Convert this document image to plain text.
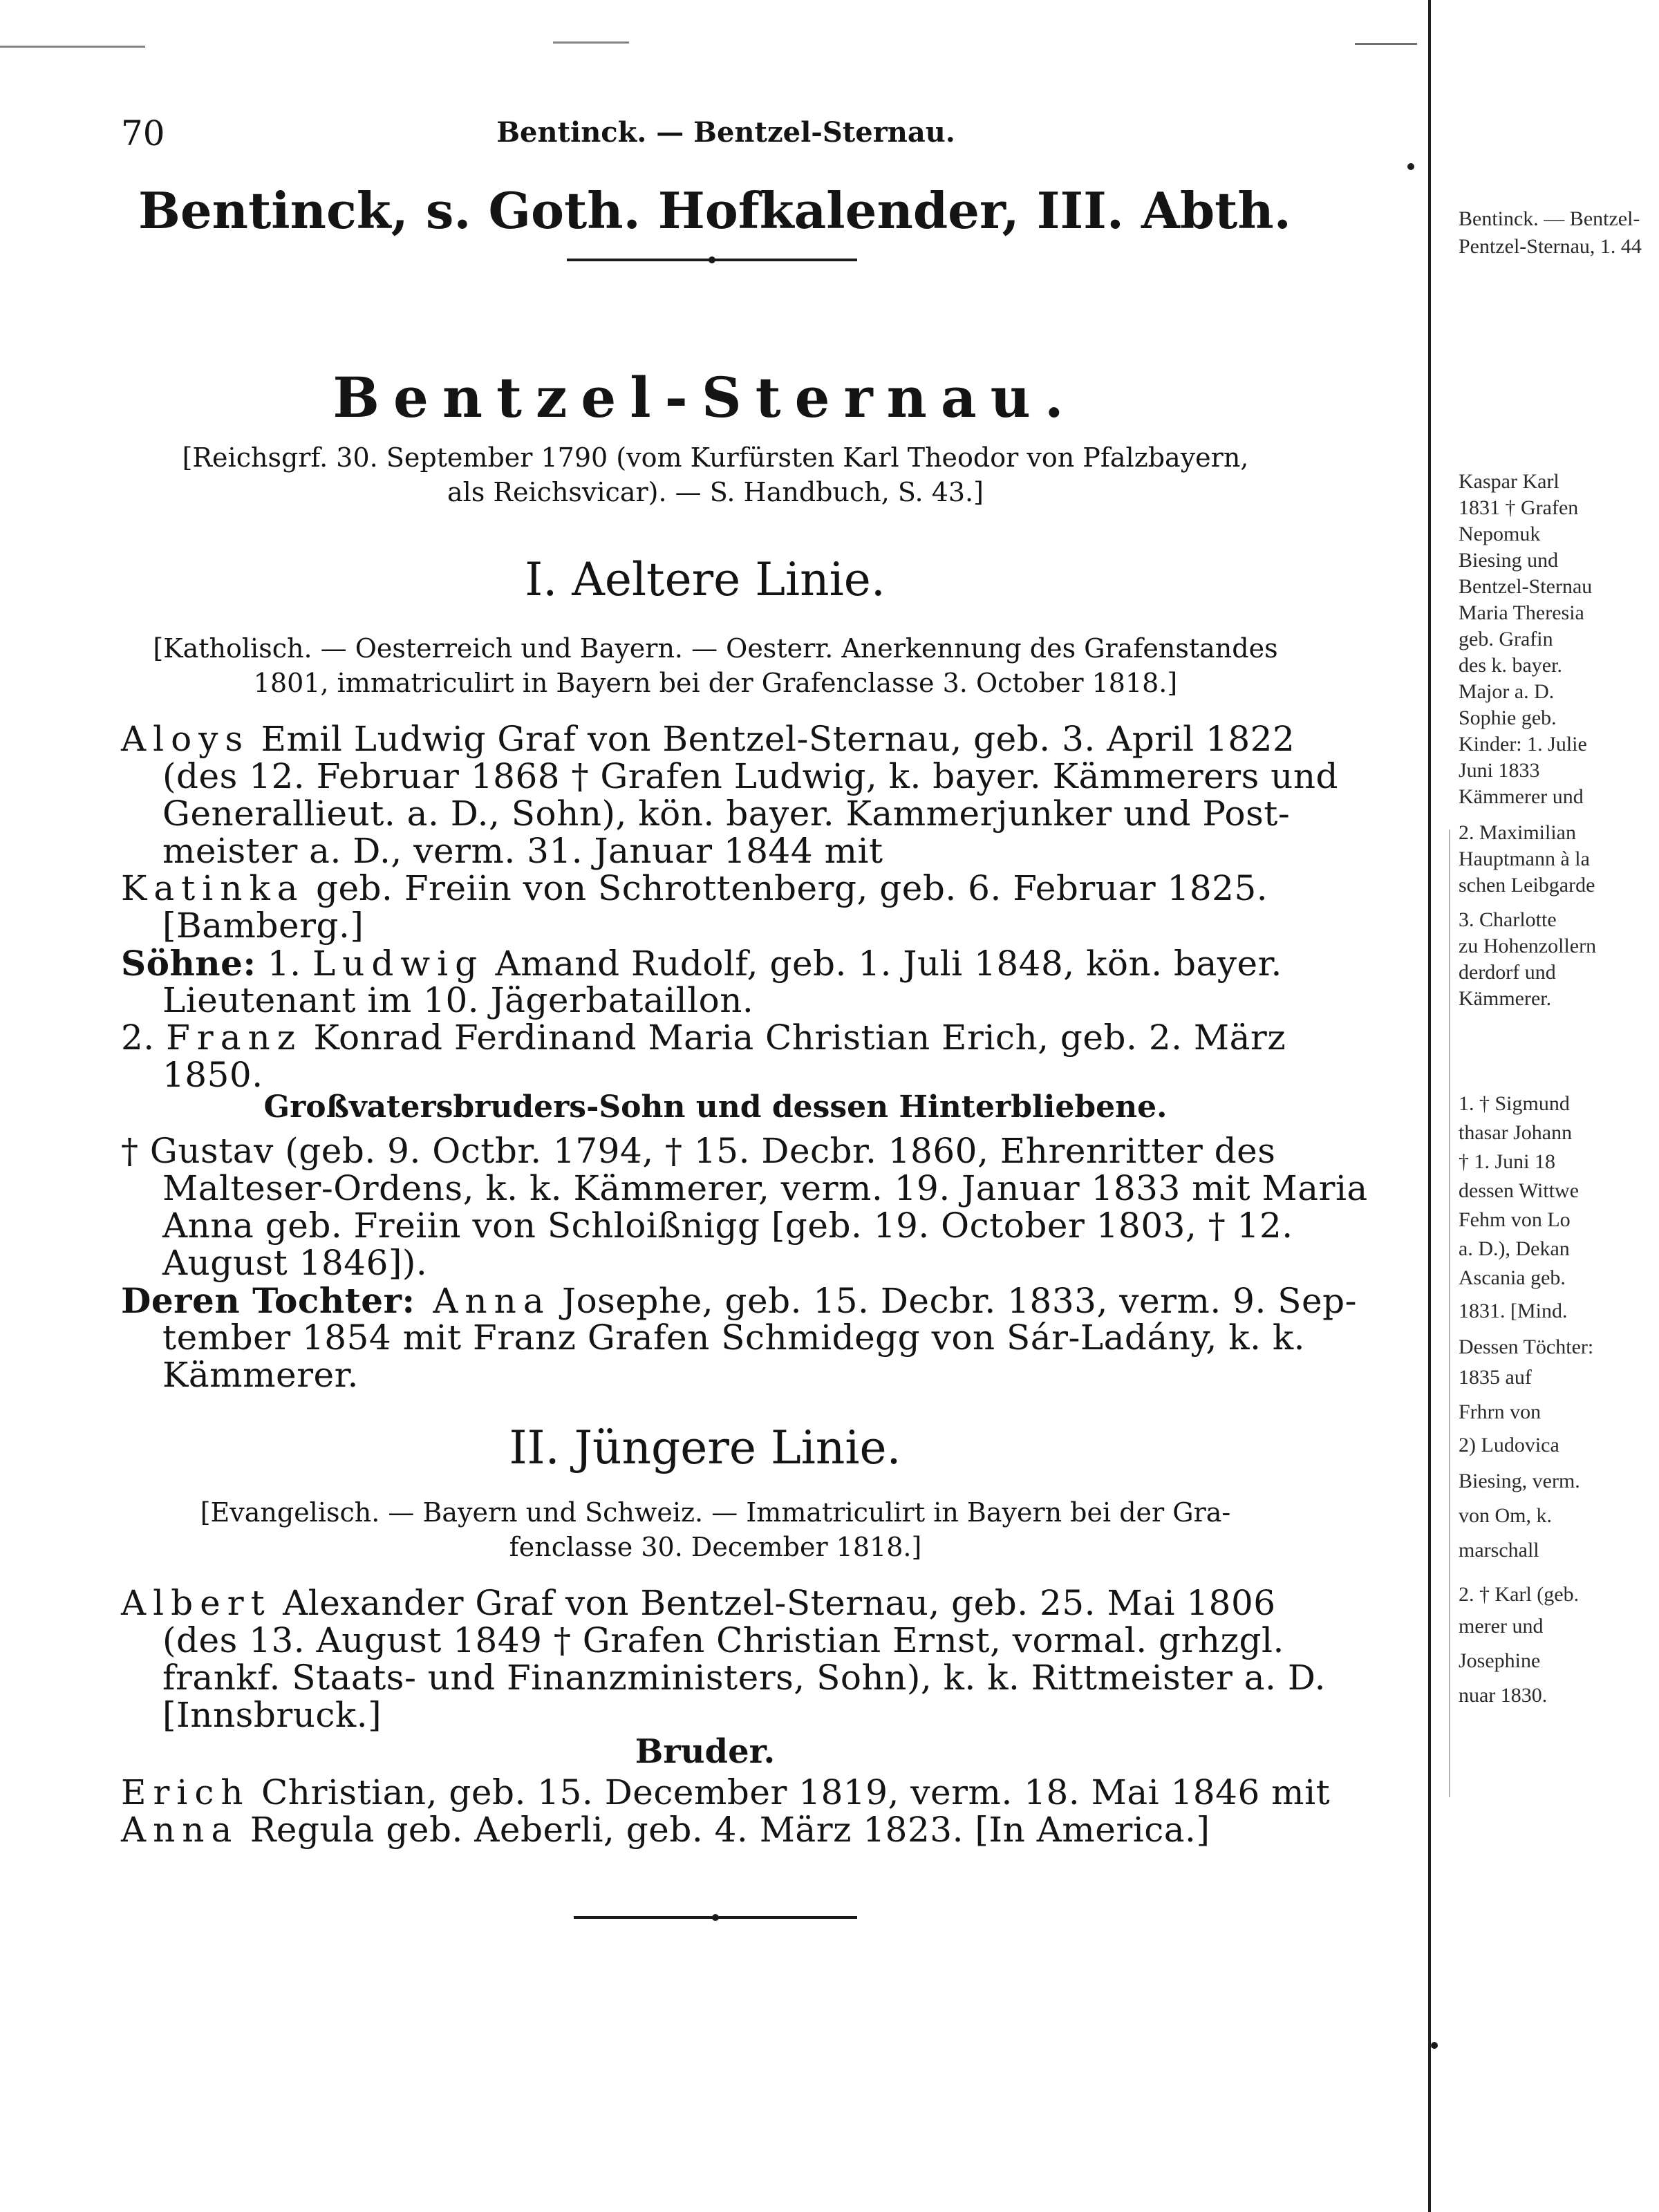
70	Bentinck. — Bentzel-Sternau.
Bentinck, s. Goth. Hofkalender, III. Abth.
Bentzel-Sternau.
[Reichsgrf. 30. September 1790 (vom Kurfürsten Karl Theodor von Pfalzbayern,
als Reichsvicar). — S. Handbuch, S. 43.]
I. Aeltere Linie.
[Katholisch. — Oesterreich und Bayern. — Oesterr. Anerkennung des Grafenstandes
1801, immatriculirt in Bayern bei der Grafenclasse 3. October 1818.]
Aloys Emil Ludwig Graf von Bentzel-Sternau, geb. 3. April 1822
(des 12. Februar 1868 † Grafen Ludwig, k. bayer. Kämmerers und
Generallieut. a. D., Sohn), kön. bayer. Kammerjunker und Post-
meister a. D., verm. 31. Januar 1844 mit
Katinka geb. Freiin von Schrottenberg, geb. 6. Februar 1825.
[Bamberg.]
Söhne: 1. Ludwig Amand Rudolf, geb. 1. Juli 1848, kön. bayer.
Lieutenant im 10. Jägerbataillon.
2. Franz Konrad Ferdinand Maria Christian Erich, geb. 2. März
1850.
Großvatersbruders-Sohn und dessen Hinterbliebene.
† Gustav (geb. 9. Octbr. 1794, † 15. Decbr. 1860, Ehrenritter des
Malteser-Ordens, k. k. Kämmerer, verm. 19. Januar 1833 mit Maria
Anna geb. Freiin von Schloißnigg [geb. 19. October 1803, † 12.
August 1846]).
Deren Tochter: Anna Josephe, geb. 15. Decbr. 1833, verm. 9. Sep-
tember 1854 mit Franz Grafen Schmidegg von Sár-Ladány, k. k.
Kämmerer.
II. Jüngere Linie.
[Evangelisch. — Bayern und Schweiz. — Immatriculirt in Bayern bei der Gra-
fenclasse 30. December 1818.]
Albert Alexander Graf von Bentzel-Sternau, geb. 25. Mai 1806
(des 13. August 1849 † Grafen Christian Ernst, vormal. grhzgl.
frankf. Staats- und Finanzministers, Sohn), k. k. Rittmeister a. D.
[Innsbruck.]
Bruder.
Erich Christian, geb. 15. December 1819, verm. 18. Mai 1846 mit
Anna Regula geb. Aeberli, geb. 4. März 1823. [In America.]
Bentinck. — Bentzel-
Pentzel-Sternau, 1. 44
Kaspar Karl
1831 † Grafen
Nepomuk
Biesing und
Bentzel-Sternau
Maria Theresia
geb. Grafin
des k. bayer.
Major a. D.
Sophie geb.
Kinder: 1. Julie
Juni 1833
Kämmerer und
2. Maximilian
Hauptmann à la
schen Leibgarde
3. Charlotte
zu Hohenzollern
derdorf und
Kämmerer.
1. † Sigmund
thasar Johann
† 1. Juni 18
dessen Wittwe
Fehm von Lo
a. D.), Dekan
Ascania geb.
1831. [Mind.
Dessen Töchter:
1835 auf
Frhrn von
2) Ludovica
Biesing, verm.
von Om, k.
marschall
2. † Karl (geb.
merer und
Josephine
nuar 1830.
